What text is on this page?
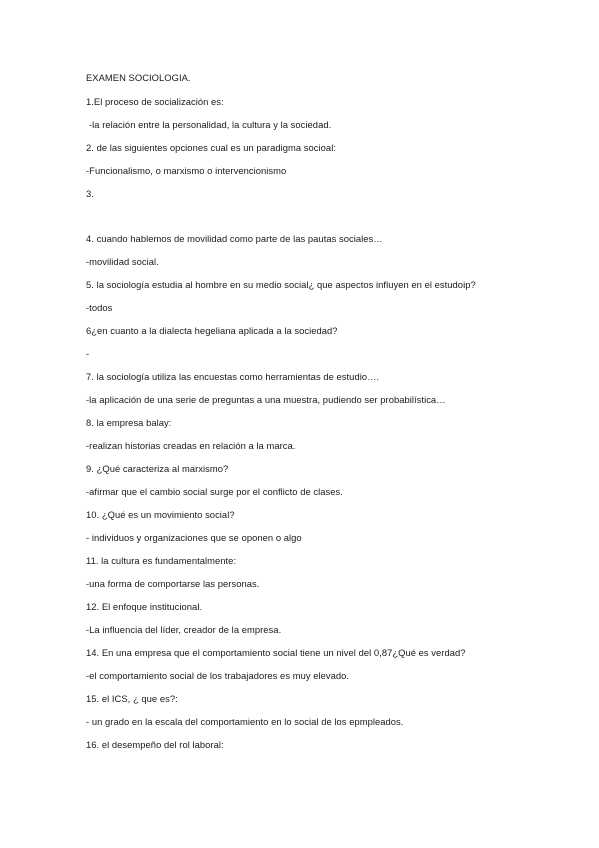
EXAMEN SOCIOLOGIA.
1.El proceso de socialización es:
-la relación entre la personalidad, la cultura y la sociedad.
2. de las siguientes opciones cual es un paradigma socioal:
-Funcionalismo, o marxismo o intervencionismo
3.
4. cuando hablemos de movilidad como parte de las pautas sociales…
-movilidad social.
5. la sociología estudia al hombre en su medio social¿ que aspectos influyen en el estudoip?
-todos
6¿en cuanto a la dialecta hegeliana aplicada a la sociedad?
-
7. la sociología utiliza las encuestas como herramientas de estudio….
-la aplicación de una serie de preguntas a una muestra, pudiendo ser probabilística…
8. la empresa balay:
-realizan historias creadas en relación a la marca.
9. ¿Qué caracteriza al marxismo?
-afirmar que el cambio social surge por el conflicto de clases.
10. ¿Qué es un movimiento social?
- individuos y organizaciones que se oponen o algo
11. la cultura es fundamentalmente:
-una forma de comportarse las personas.
12. El enfoque institucional.
-La influencia del líder, creador de la empresa.
14. En una empresa que el comportamiento social tiene un nivel del 0,87¿Qué es verdad?
-el comportamiento social de los trabajadores es muy elevado.
15. el ICS, ¿ que es?:
- un grado en la escala del comportamiento en lo social de los epmpleados.
16. el desempeño del rol laboral:
